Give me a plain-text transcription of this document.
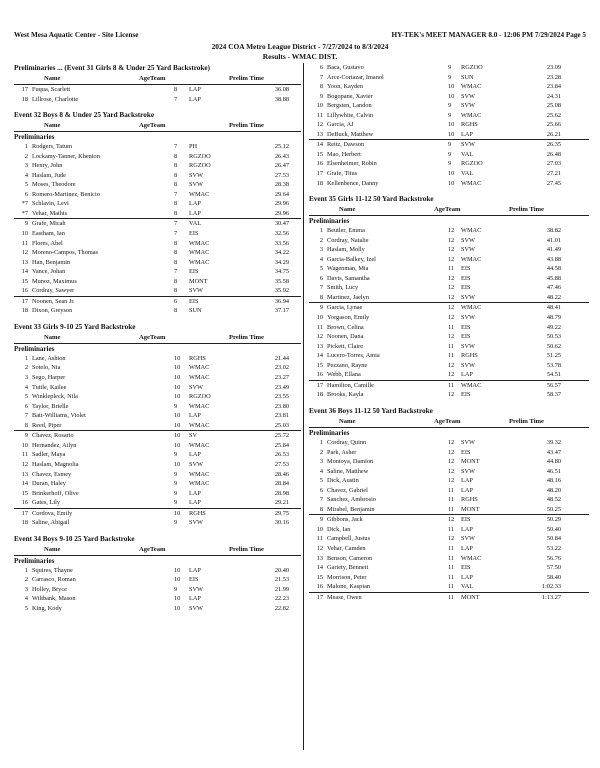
West Mesa Aquatic Center - Site License	HY-TEK's MEET MANAGER 8.0 - 12:06 PM 7/29/2024 Page 5
2024 COA Metro League District - 7/27/2024 to 8/3/2024
Results - WMAC DIST.
Preliminaries ... (Event 31 Girls 8 & Under 25 Yard Backstroke)
Name	AgeTeam	Prelim Time
17 Fuqua, Scarlett	8 LAP	36.08
18 Lillrose, Charlotte	7 LAP	38.88
Event 32 Boys 8 & Under 25 Yard Backstroke
Name	AgeTeam	Prelim Time
Preliminaries
1 Rodgers, Tatum	7 PH	25.12
2 Lockamy-Tanner, Khenton	8 RGZOO	26.43
3 Henry, John	8 RGZOO	26.47
4 Haslam, Jude	8 SVW	27.53
5 Moses, Theodore	8 SVW	28.38
6 Romero-Martinez, Benicio	7 WMAC	29.64
*7 Schlavin, Levi	8 LAP	29.96
*7 Vehar, Mathis	8 LAP	29.96
9 Grafe, Micah	7 VAL	30.47
10 Eastham, Ian	7 EIS	32.56
11 Flores, Abel	8 WMAC	33.56
12 Moreno-Campos, Thomas	8 WMAC	34.22
13 Han, Benjamin	8 WMAC	34.29
14 Vance, Johan	7 EIS	34.75
15 Munoz, Maximus	8 MONT	35.58
16 Cordray, Sawyer	8 SVW	35.92
17 Noonen, Sean Jr.	6 EIS	36.94
18 Dixon, Greyson	8 SUN	37.17
Event 33 Girls 9-10 25 Yard Backstroke
Name	AgeTeam	Prelim Time
Preliminaries
1 Lane, Ashton	10 RGHS	21.44
2 Sotelo, Nia	10 WMAC	23.02
3 Sego, Harper	10 WMAC	23.27
4 Tuttle, Kailee	10 SVW	23.49
5 Winklepleck, Nila	10 RGZOO	23.55
6 Taylor, Brielle	9 WMAC	23.80
7 Batt-Williams, Violet	10 LAP	23.81
8 Reed, Piper	10 WMAC	25.03
9 Chavez, Rosario	10 SV	25.72
10 Hernandez, Ailyn	10 WMAC	25.84
11 Sadler, Maya	9 LAP	26.53
12 Haslam, Magnolia	10 SVW	27.53
13 Chavez, Esmey	9 WMAC	28.46
14 Duran, Haley	9 WMAC	28.84
15 Brinkerhoff, Olive	9 LAP	28.98
16 Gates, Lily	9 LAP	29.21
17 Cordova, Emily	10 RGHS	29.75
18 Saline, Abigail	9 SVW	30.16
Event 34 Boys 9-10 25 Yard Backstroke
Name	AgeTeam	Prelim Time
Preliminaries
1 Squires, Thayne	10 LAP	20.40
2 Carrasco, Roman	10 EIS	21.53
3 Holley, Bryce	9 SVW	21.99
4 Wiltbank, Mason	10 LAP	22.23
5 King, Kody	10 SVW	22.82
6 Baca, Gustavo	9 RGZOO	23.09
7 Arce-Cortazar, Imanol	9 SUN	23.28
8 Yoon, Kayden	10 WMAC	23.84
9 Bogopane, Xavier	10 SVW	24.31
10 Bergsten, Landon	9 SVW	25.08
11 Lillywhite, Calvin	9 WMAC	25.62
12 Garcia, AJ	10 RGHS	25.66
13 DeBuck, Matthew	10 LAP	26.21
14 Reitz, Dawson	9 SVW	26.35
15 Mao, Herbert	9 VAL	26.48
16 Elsenheimer, Robin	9 RGZOO	27.03
17 Grafe, Titus	10 VAL	27.21
18 Kellenbence, Danny	10 WMAC	27.45
Event 35 Girls 11-12 50 Yard Backstroke
Name	AgeTeam	Prelim Time
Preliminaries
1 Beutler, Emma	12 WMAC	38.82
2 Cordray, Natalie	12 SVW	41.01
3 Haslam, Molly	12 SVW	41.49
4 Garcia-Balkey, Izel	12 WMAC	43.88
5 Wagenman, Mia	11 EIS	44.58
6 Davis, Samantha	12 EIS	45.88
7 Smith, Lucy	12 EIS	47.46
8 Martinez, Jaelyn	12 SVW	48.22
9 Garcia, Lynae	12 WMAC	48.41
10 Yorgason, Emily	12 SVW	48.79
11 Brown, Celina	11 EIS	49.22
12 Noonen, Dana	12 EIS	50.53
13 Pickett, Claire	11 SVW	50.62
14 Lucero-Torres, Amia	11 RGHS	51.25
15 Pezzano, Rayne	12 SVW	53.78
16 Webb, Ellana	12 LAP	54.51
17 Hamilton, Camille	11 WMAC	56.57
18 Brooks, Kayla	12 EIS	58.37
Event 36 Boys 11-12 50 Yard Backstroke
Name	AgeTeam	Prelim Time
Preliminaries
1 Cordray, Quinn	12 SVW	39.32
2 Park, Asher	12 EIS	43.47
3 Montoya, Damion	12 MONT	44.80
4 Saline, Matthew	12 SVW	46.51
5 Dick, Austin	12 LAP	48.16
6 Chavez, Gabriel	11 LAP	48.20
7 Sanchez, Ambrosio	11 RGHS	48.52
8 Mirabel, Benjamin	11 MONT	50.25
9 Gibbons, Jack	12 EIS	50.29
10 Dick, Ian	11 LAP	50.40
11 Campbell, Justus	12 SVW	50.84
12 Vehar, Camden	11 LAP	53.22
13 Benson, Cameron	11 WMAC	56.76
14 Gariety, Bennett	11 EIS	57.50
15 Morrison, Peter	11 LAP	58.40
16 Malone, Kaspian	11 VAL	1:02.33
17 Mease, Owen	11 MONT	1:13.27
